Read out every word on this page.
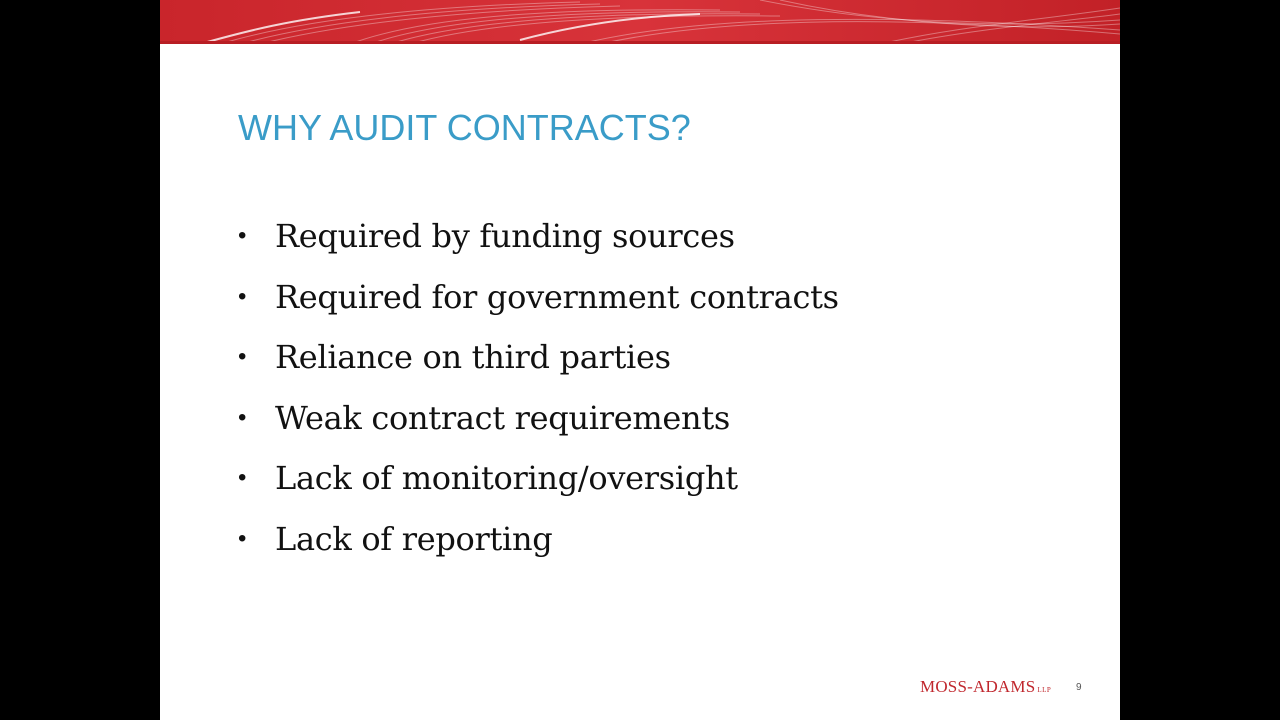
WHY AUDIT CONTRACTS?
• Required by funding sources
• Required for government contracts
• Reliance on third parties
• Weak contract requirements
• Lack of monitoring/oversight
• Lack of reporting
MOSS-ADAMS LLP 9
